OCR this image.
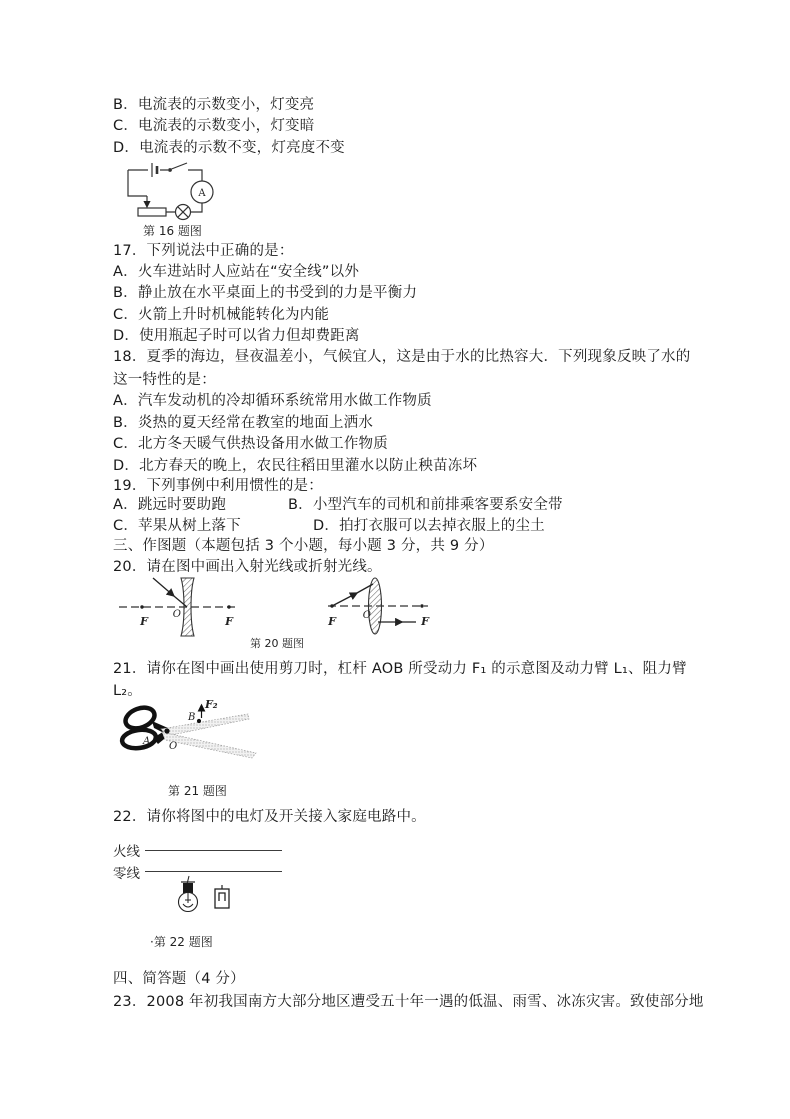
B．电流表的示数变小，灯变亮
C．电流表的示数变小，灯变暗
D．电流表的示数不变，灯亮度不变
A
第 16 题图
17．下列说法中正确的是：
A．火车进站时人应站在“安全线”以外
B．静止放在水平桌面上的书受到的力是平衡力
C．火箭上升时机械能转化为内能
D．使用瓶起子时可以省力但却费距离
18．夏季的海边，昼夜温差小，气候宜人，这是由于水的比热容大．下列现象反映了水的
这一特性的是：
A．汽车发动机的冷却循环系统常用水做工作物质
B．炎热的夏天经常在教室的地面上洒水
C．北方冬天暖气供热设备用水做工作物质
D．北方春天的晚上，农民往稻田里灌水以防止秧苗冻坏
19．下列事例中利用惯性的是：
A．跳远时要助跑	B．小型汽车的司机和前排乘客要系安全带
C．苹果从树上落下	D．拍打衣服可以去掉衣服上的尘土
三、作图题（本题包括 3 个小题，每小题 3 分，共 9 分）
20．请在图中画出入射光线或折射光线。
F	F
O
F	F
O
第 20 题图
21．请你在图中画出使用剪刀时，杠杆 AOB 所受动力 F₁ 的示意图及动力臂 L₁、阻力臂
L₂。
A O
B
F₂
第 21 题图
22．请你将图中的电灯及开关接入家庭电路中。
火线
零线
·第 22 题图
四、简答题（4 分）
23．2008 年初我国南方大部分地区遭受五十年一遇的低温、雨雪、冰冻灾害。致使部分地
